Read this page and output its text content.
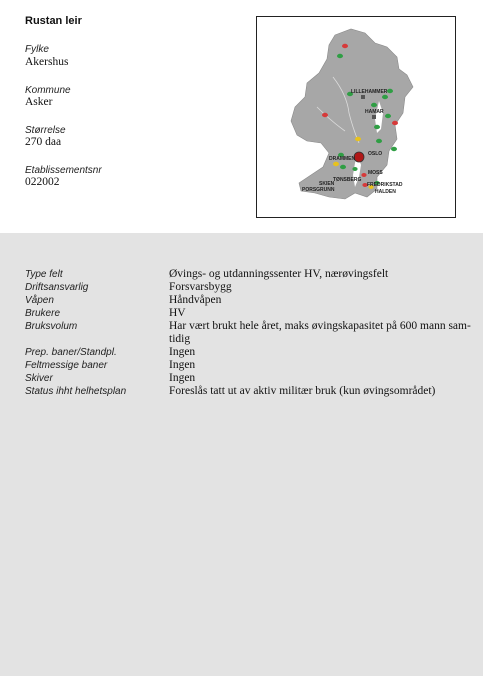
Rustan leir
Fylke
Akershus
Kommune
Asker
Størrelse
270 daa
Etablissementsnr
022002
LILLEHAMMER
HAMAR
OSLO
DRAMMEN
MOSS
TØNSBERG
SKIEN
PORSGRUNN
FREDRIKSTAD
HALDEN
Type felt	Øvings- og utdanningssenter HV, nærøvingsfelt
Driftsansvarlig	Forsvarsbygg
Våpen	Håndvåpen
Brukere	HV
Bruksvolum	Har vært brukt hele året, maks øvingskapasitet på 600 mann sam-tidig
Prep. baner/Standpl.	Ingen
Feltmessige baner	Ingen
Skiver	Ingen
Status ihht helhetsplan	Foreslås tatt ut av aktiv militær bruk (kun øvingsområdet)
